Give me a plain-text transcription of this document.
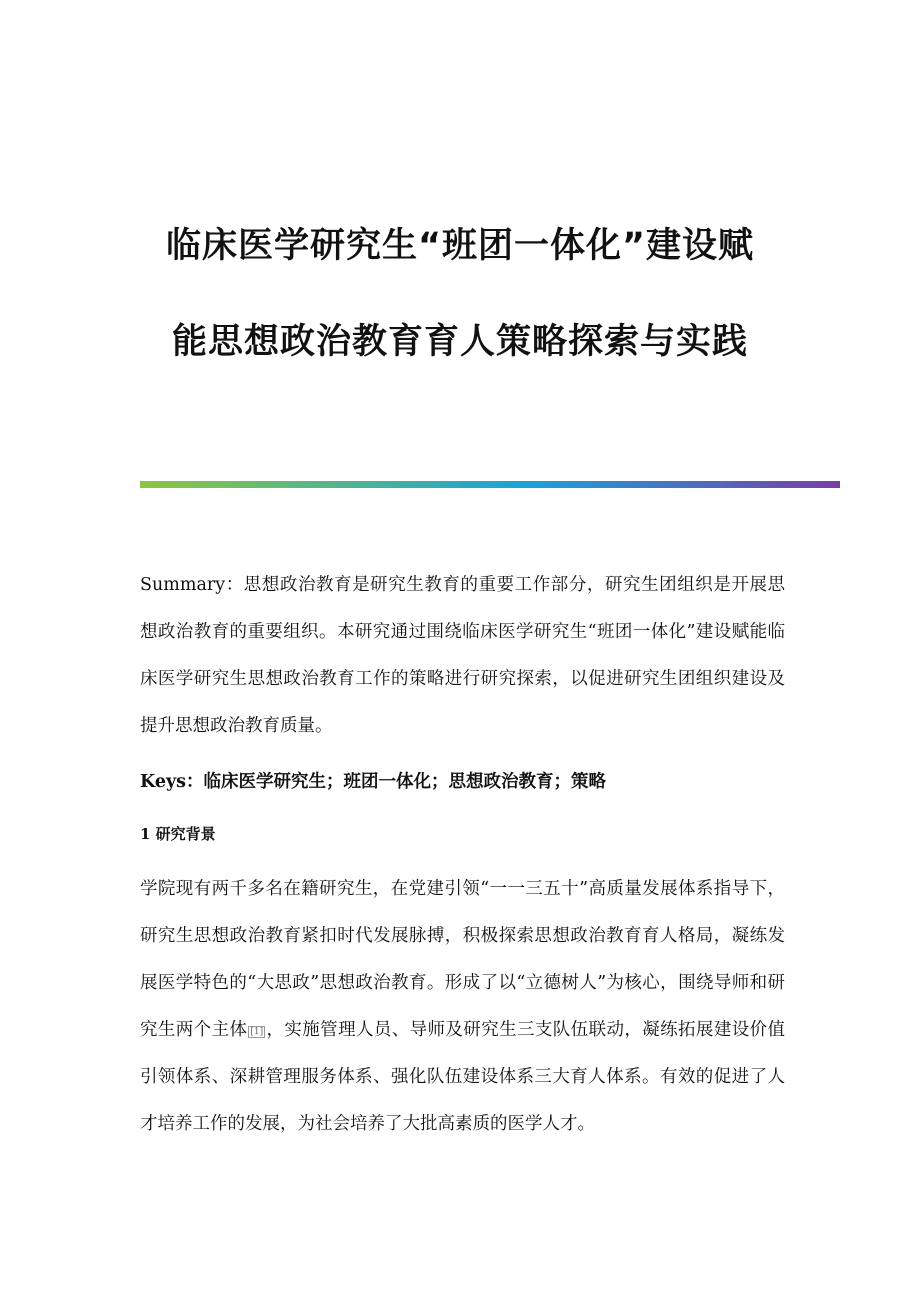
临床医学研究生“班团一体化”建设赋
能思想政治教育育人策略探索与实践

Summary：思想政治教育是研究生教育的重要工作部分，研究生团组织是开展思想政治教育的重要组织。本研究通过围绕临床医学研究生“班团一体化”建设赋能临床医学研究生思想政治教育工作的策略进行研究探索，以促进研究生团组织建设及提升思想政治教育质量。

Keys：临床医学研究生；班团一体化；思想政治教育；策略

1 研究背景

学院现有两千多名在籍研究生，在党建引领“一一三五十”高质量发展体系指导下，研究生思想政治教育紧扣时代发展脉搏，积极探索思想政治教育育人格局，凝练发展医学特色的“大思政”思想政治教育。形成了以“立德树人”为核心，围绕导师和研究生两个主体 [1] ，实施管理人员、导师及研究生三支队伍联动，凝练拓展建设价值引领体系、深耕管理服务体系、强化队伍建设体系三大育人体系。有效的促进了人才培养工作的发展，为社会培养了大批高素质的医学人才。
